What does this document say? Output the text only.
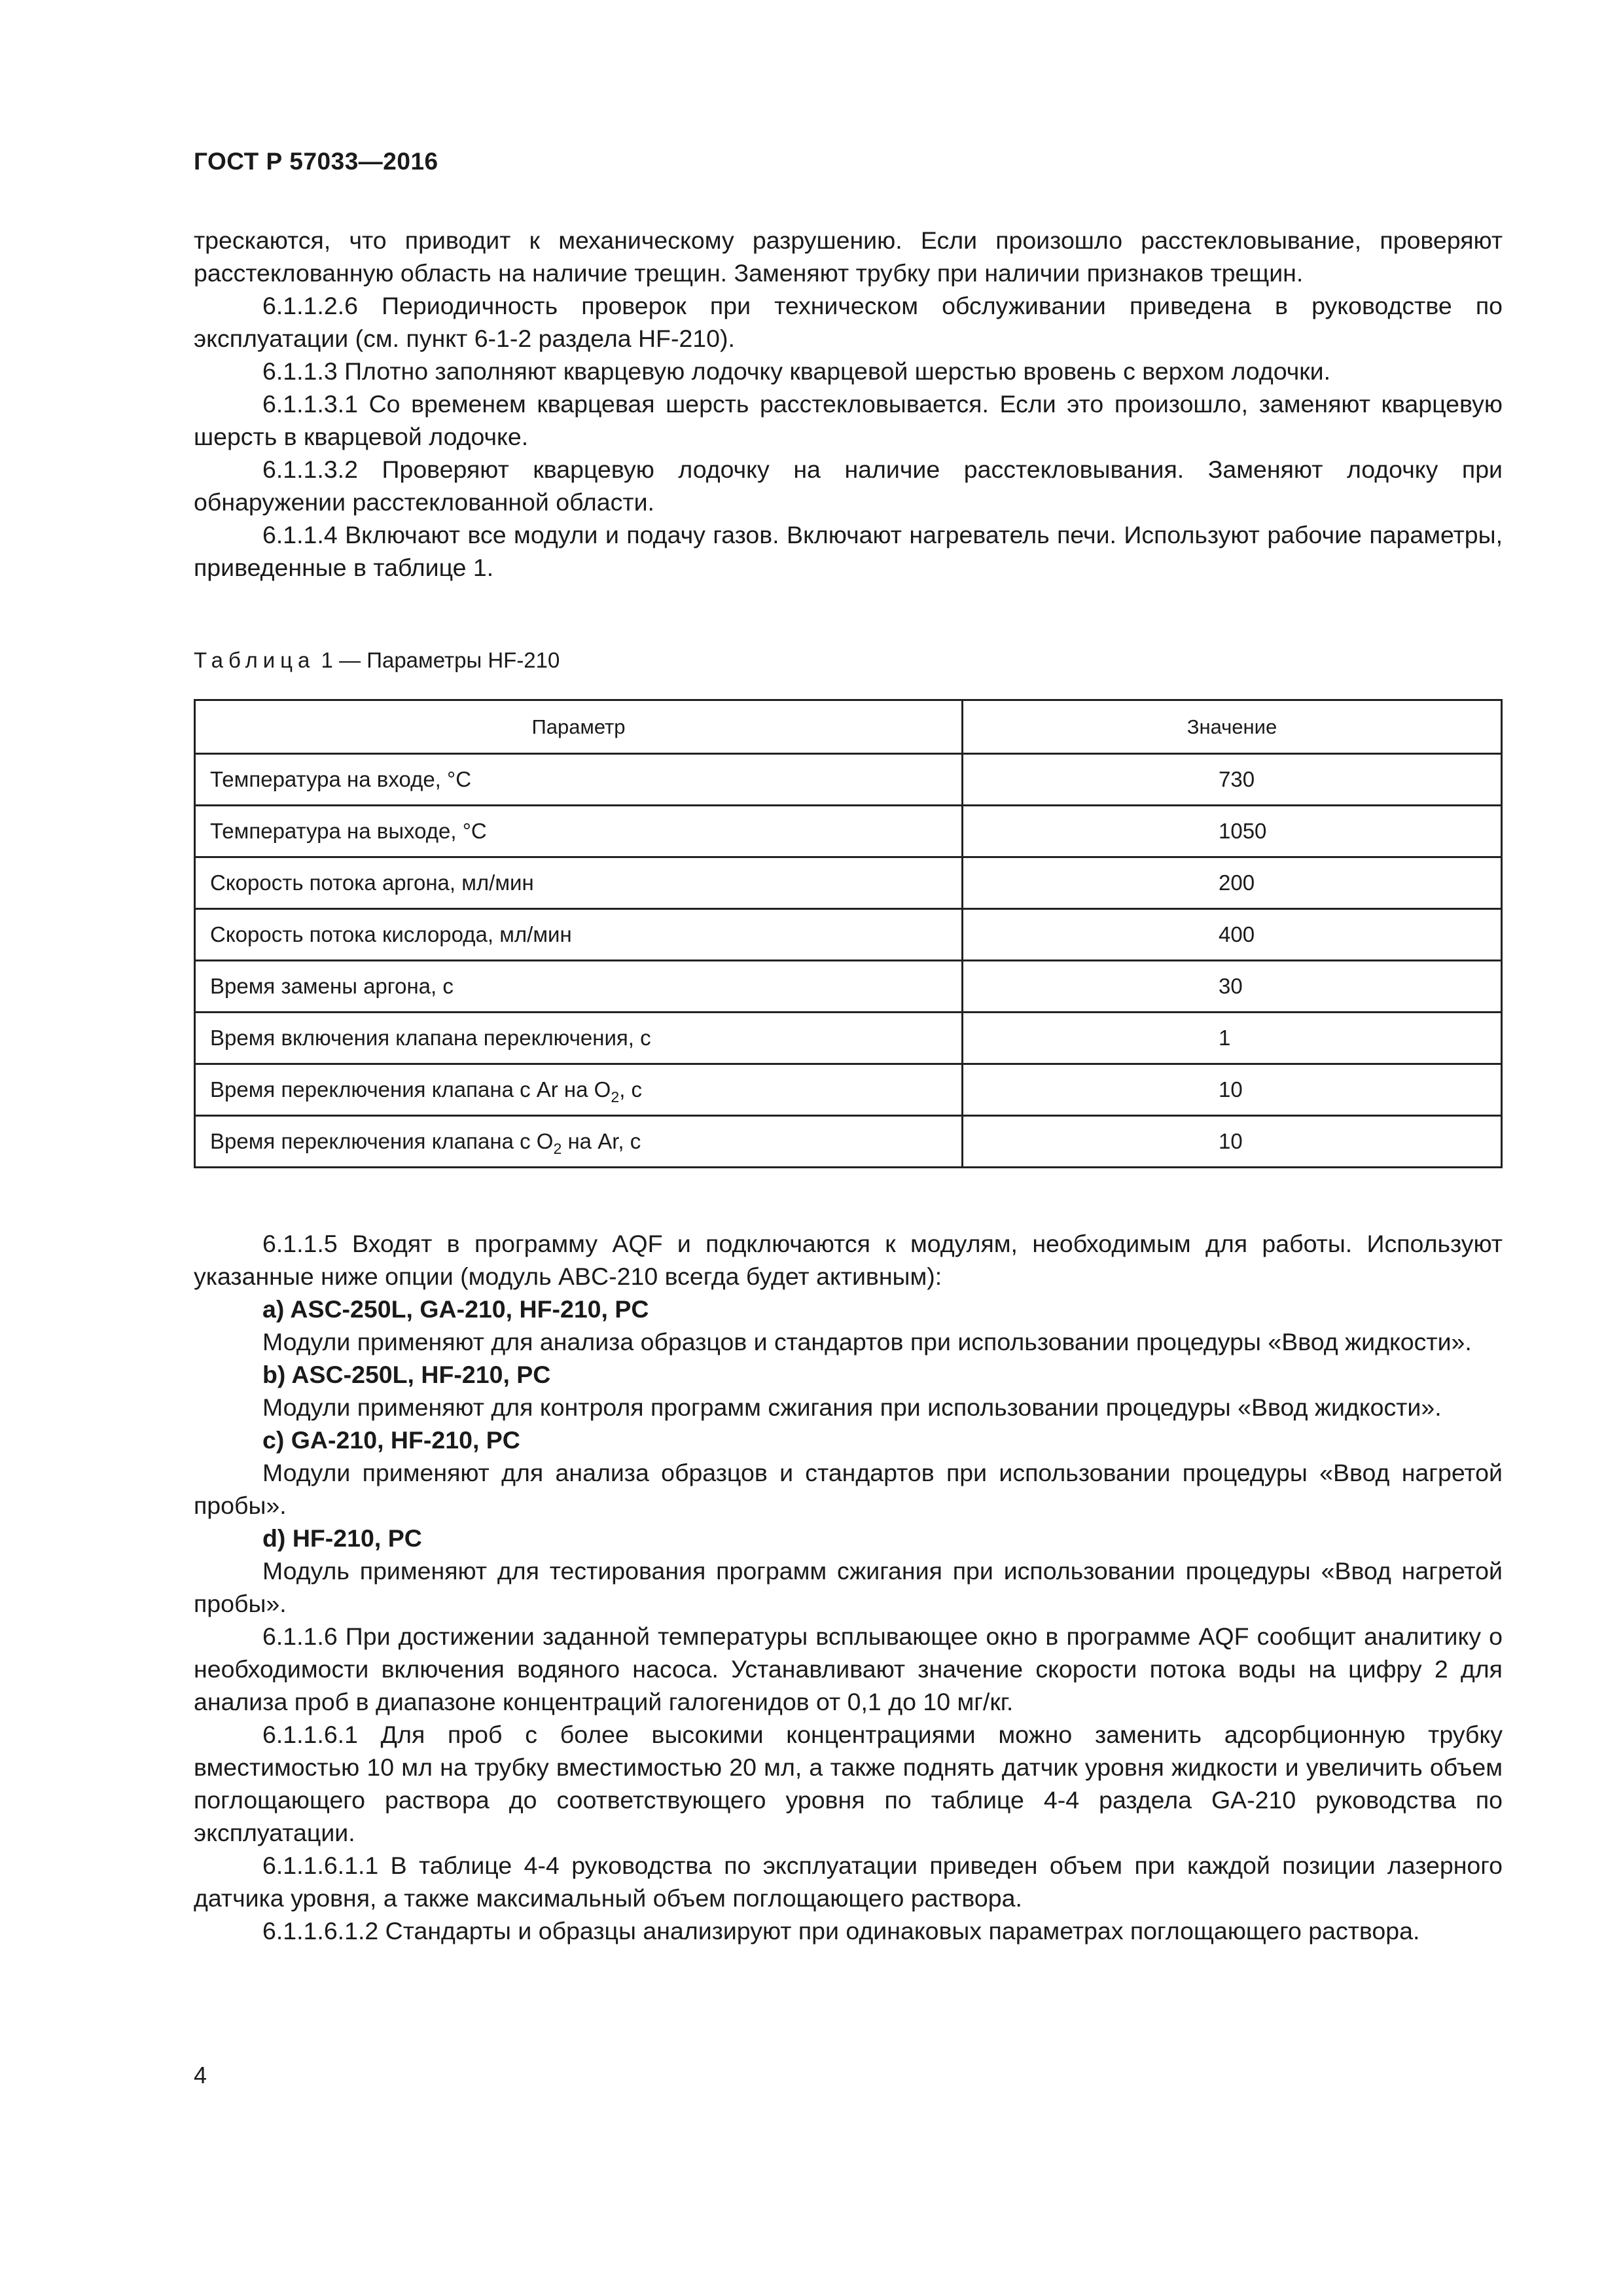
ГОСТ Р 57033—2016

трескаются, что приводит к механическому разрушению. Если произошло расстекловывание, проверяют расстеклованную область на наличие трещин. Заменяют трубку при наличии признаков трещин.

6.1.1.2.6 Периодичность проверок при техническом обслуживании приведена в руководстве по эксплуатации (см. пункт 6-1-2 раздела HF-210).

6.1.1.3 Плотно заполняют кварцевую лодочку кварцевой шерстью вровень с верхом лодочки.

6.1.1.3.1 Со временем кварцевая шерсть расстекловывается. Если это произошло, заменяют кварцевую шерсть в кварцевой лодочке.

6.1.1.3.2 Проверяют кварцевую лодочку на наличие расстекловывания. Заменяют лодочку при обнаружении расстеклованной области.

6.1.1.4 Включают все модули и подачу газов. Включают нагреватель печи. Используют рабочие параметры, приведенные в таблице 1.

Таблица 1 — Параметры HF-210
Параметр	Значение
Температура на входе, °С	730
Температура на выходе, °С	1050
Скорость потока аргона, мл/мин	200
Скорость потока кислорода, мл/мин	400
Время замены аргона, с	30
Время включения клапана переключения, с	1
Время переключения клапана с Ar на $O_2$, с	10
Время переключения клапана с $O_2$ на Ar, с	10

6.1.1.5 Входят в программу AQF и подключаются к модулям, необходимым для работы. Используют указанные ниже опции (модуль ABC-210 всегда будет активным):

a) ASC-250L, GA-210, HF-210, PC

Модули применяют для анализа образцов и стандартов при использовании процедуры «Ввод жидкости».

b) ASC-250L, HF-210, PC

Модули применяют для контроля программ сжигания при использовании процедуры «Ввод жидкости».

c) GA-210, HF-210, PC

Модули применяют для анализа образцов и стандартов при использовании процедуры «Ввод нагретой пробы».

d) HF-210, PC

Модуль применяют для тестирования программ сжигания при использовании процедуры «Ввод нагретой пробы».

6.1.1.6 При достижении заданной температуры всплывающее окно в программе AQF сообщит аналитику о необходимости включения водяного насоса. Устанавливают значение скорости потока воды на цифру 2 для анализа проб в диапазоне концентраций галогенидов от 0,1 до 10 мг/кг.

6.1.1.6.1 Для проб с более высокими концентрациями можно заменить адсорбционную трубку вместимостью 10 мл на трубку вместимостью 20 мл, а также поднять датчик уровня жидкости и увеличить объем поглощающего раствора до соответствующего уровня по таблице 4-4 раздела GA-210 руководства по эксплуатации.

6.1.1.6.1.1 В таблице 4-4 руководства по эксплуатации приведен объем при каждой позиции лазерного датчика уровня, а также максимальный объем поглощающего раствора.

6.1.1.6.1.2 Стандарты и образцы анализируют при одинаковых параметрах поглощающего раствора.

4
